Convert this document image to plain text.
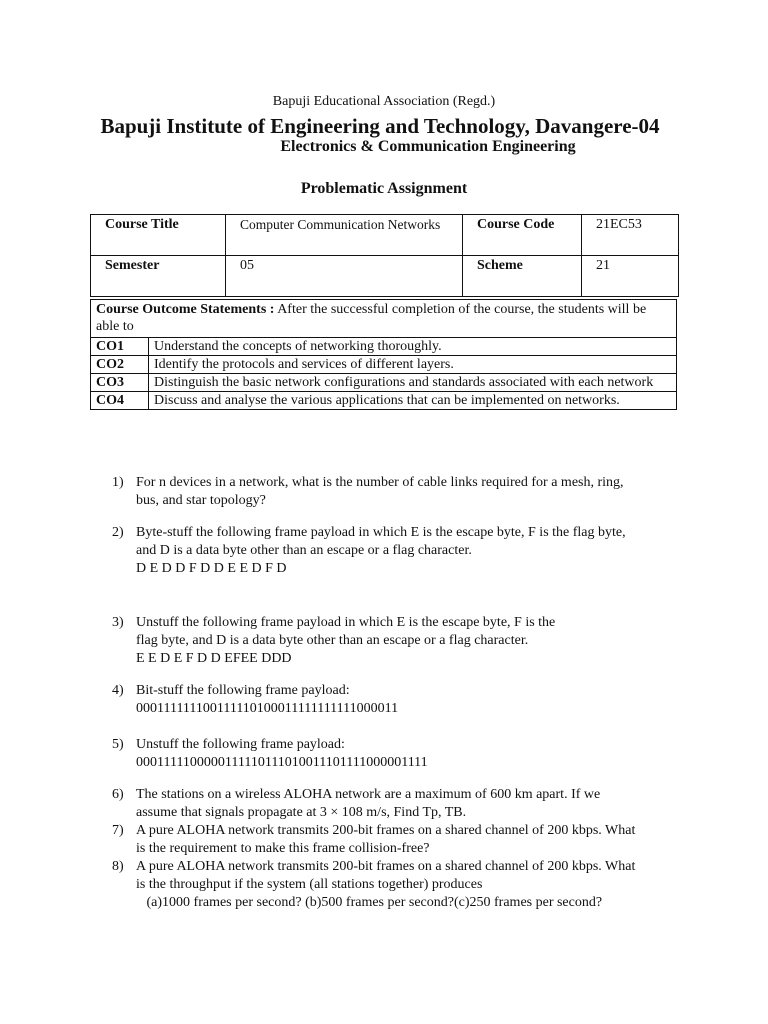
Bapuji Educational Association (Regd.)
Bapuji Institute of Engineering and Technology, Davangere-04
Electronics & Communication Engineering
Problematic Assignment
Course Title	Computer Communication Networks	Course Code	21EC53
Semester	05	Scheme	21
Course Outcome Statements : After the successful completion of the course, the students will be able to	
CO1	Understand the concepts of networking thoroughly.
CO2	Identify the protocols and services of different layers.
CO3	Distinguish the basic network configurations and standards associated with each network
CO4	Discuss and analyse the various applications that can be implemented on networks.
1) For n devices in a network, what is the number of cable links required for a mesh, ring,
bus, and star topology?
2) Byte-stuff the following frame payload in which E is the escape byte, F is the flag byte,
and D is a data byte other than an escape or a flag character.
D E D D F D D E E D F D
3) Unstuff the following frame payload in which E is the escape byte, F is the
flag byte, and D is a data byte other than an escape or a flag character.
E E D E F D D EFEE DDD
4) Bit-stuff the following frame payload:
000111111100111110100011111111111000011
5) Unstuff the following frame payload:
0001111100000111110111010011101111000001111
6) The stations on a wireless ALOHA network are a maximum of 600 km apart. If we
assume that signals propagate at 3 × 108 m/s, Find Tp, TB.
7) A pure ALOHA network transmits 200-bit frames on a shared channel of 200 kbps. What
is the requirement to make this frame collision-free?
8) A pure ALOHA network transmits 200-bit frames on a shared channel of 200 kbps. What
is the throughput if the system (all stations together) produces
(a)1000 frames per second? (b)500 frames per second?(c)250 frames per second?
